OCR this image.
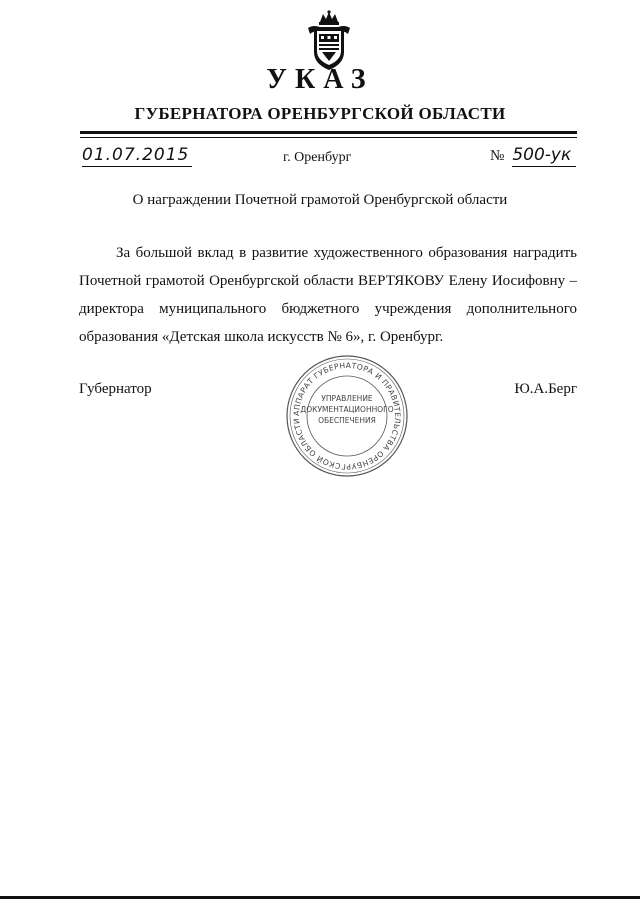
УКАЗ
ГУБЕРНАТОРА ОРЕНБУРГСКОЙ ОБЛАСТИ
01.07.2015	г. Оренбург	№ 500-ук
О награждении Почетной грамотой Оренбургской области
За большой вклад в развитие художественного образования наградить Почетной грамотой Оренбургской области ВЕРТЯКОВУ Елену Иосифовну – директора муниципального бюджетного учреждения дополнительного образования «Детская школа искусств № 6», г. Оренбург.
Губернатор
АППАРАТ ГУБЕРНАТОРА И ПРАВИТЕЛЬСТВА ОРЕНБУРГСКОЙ ОБЛАСТИ
УПРАВЛЕНИЕ
ДОКУМЕНТАЦИОННОГО
ОБЕСПЕЧЕНИЯ
Ю.А.Берг
